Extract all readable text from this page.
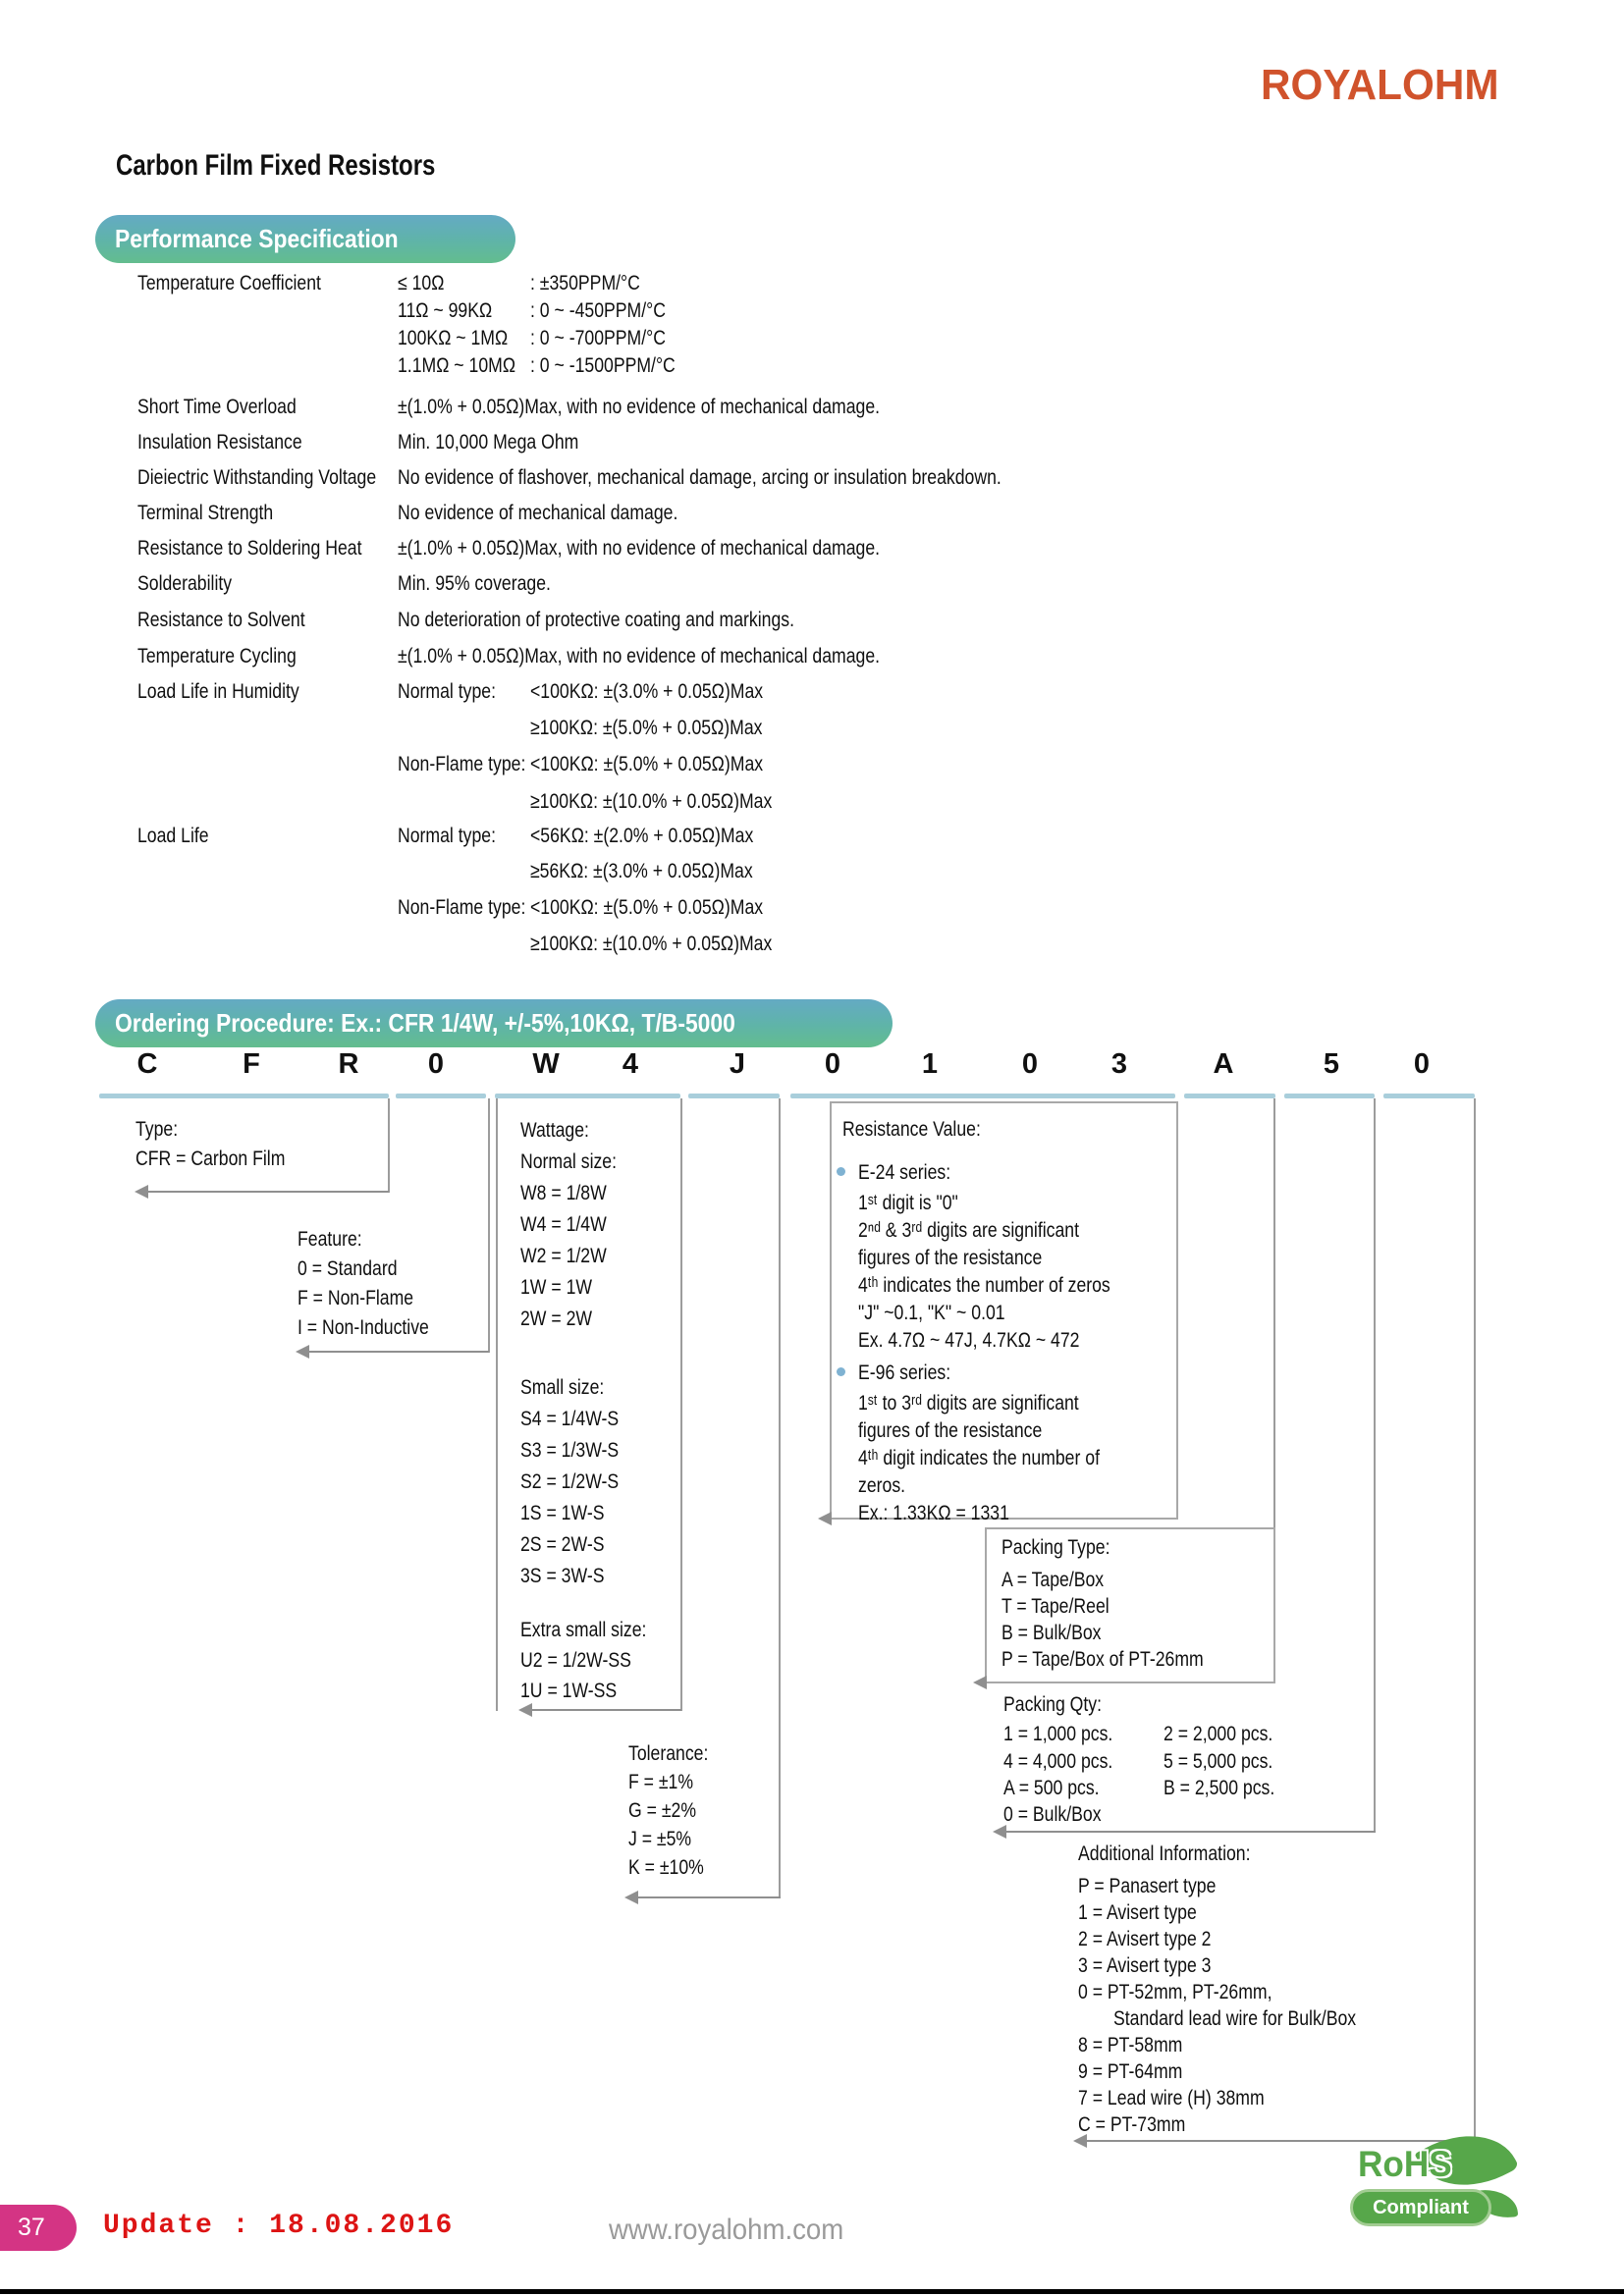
ROYALOHM
Carbon Film Fixed Resistors
Performance Specification
Temperature Coefficient	≤ 10Ω	: ±350PPM/°C
11Ω ~ 99KΩ	: 0 ~ -450PPM/°C
100KΩ ~ 1MΩ	: 0 ~ -700PPM/°C
1.1MΩ ~ 10MΩ : 0 ~ -1500PPM/°C
Short Time Overload	±(1.0% + 0.05Ω)Max, with no evidence of mechanical damage.
Insulation Resistance	Min. 10,000 Mega Ohm
Dieiectric Withstanding Voltage	No evidence of flashover, mechanical damage, arcing or insulation breakdown.
Terminal Strength	No evidence of mechanical damage.
Resistance to Soldering Heat	±(1.0% + 0.05Ω)Max, with no evidence of mechanical damage.
Solderability	Min. 95% coverage.
Resistance to Solvent	No deterioration of protective coating and markings.
Temperature Cycling	±(1.0% + 0.05Ω)Max, with no evidence of mechanical damage.
Load Life in Humidity	Normal type:	<100KΩ: ±(3.0% + 0.05Ω)Max
≥100KΩ: ±(5.0% + 0.05Ω)Max
Non-Flame type: <100KΩ: ±(5.0% + 0.05Ω)Max
≥100KΩ: ±(10.0% + 0.05Ω)Max
Load Life	Normal type:	<56KΩ: ±(2.0% + 0.05Ω)Max
≥56KΩ: ±(3.0% + 0.05Ω)Max
Non-Flame type: <100KΩ: ±(5.0% + 0.05Ω)Max
≥100KΩ: ±(10.0% + 0.05Ω)Max
Ordering Procedure: Ex.: CFR 1/4W, +/-5%,10KΩ, T/B-5000
C	F	R	0	W	4	J	0	1	0	3	A	5	0
Type:
CFR = Carbon Film
Feature:
0 = Standard
F = Non-Flame
I = Non-Inductive
Wattage:
Normal size:
W8 = 1/8W
W4 = 1/4W
W2 = 1/2W
1W = 1W
2W = 2W
Small size:
S4 = 1/4W-S
S3 = 1/3W-S
S2 = 1/2W-S
1S = 1W-S
2S = 2W-S
3S = 3W-S
Extra small size:
U2 = 1/2W-SS
1U = 1W-SS
Tolerance:
F = ±1%
G = ±2%
J = ±5%
K = ±10%
Resistance Value:
E-24 series:
1ˢᵗ digit is "0"
2ⁿᵈ & 3ʳᵈ digits are significant
figures of the resistance
4ᵗʰ indicates the number of zeros
"J" ~0.1, "K" ~ 0.01
Ex. 4.7Ω ~ 47J, 4.7KΩ ~ 472
E-96 series:
1ˢᵗ to 3ʳᵈ digits are significant
figures of the resistance
4ᵗʰ digit indicates the number of
zeros.
Ex.: 1.33KΩ = 1331
Packing Type:
A = Tape/Box
T = Tape/Reel
B = Bulk/Box
P = Tape/Box of PT-26mm
Packing Qty:
1 = 1,000 pcs.	2 = 2,000 pcs.
4 = 4,000 pcs.	5 = 5,000 pcs.
A = 500 pcs.	B = 2,500 pcs.
0 = Bulk/Box
Additional Information:
P = Panasert type
1 = Avisert type
2 = Avisert type 2
3 = Avisert type 3
0 = PT-52mm, PT-26mm,
Standard lead wire for Bulk/Box
8 = PT-58mm
9 = PT-64mm
7 = Lead wire (H) 38mm
C = PT-73mm
37 Update : 18.08.2016	www.royalohm.com
RoHS
Compliant
